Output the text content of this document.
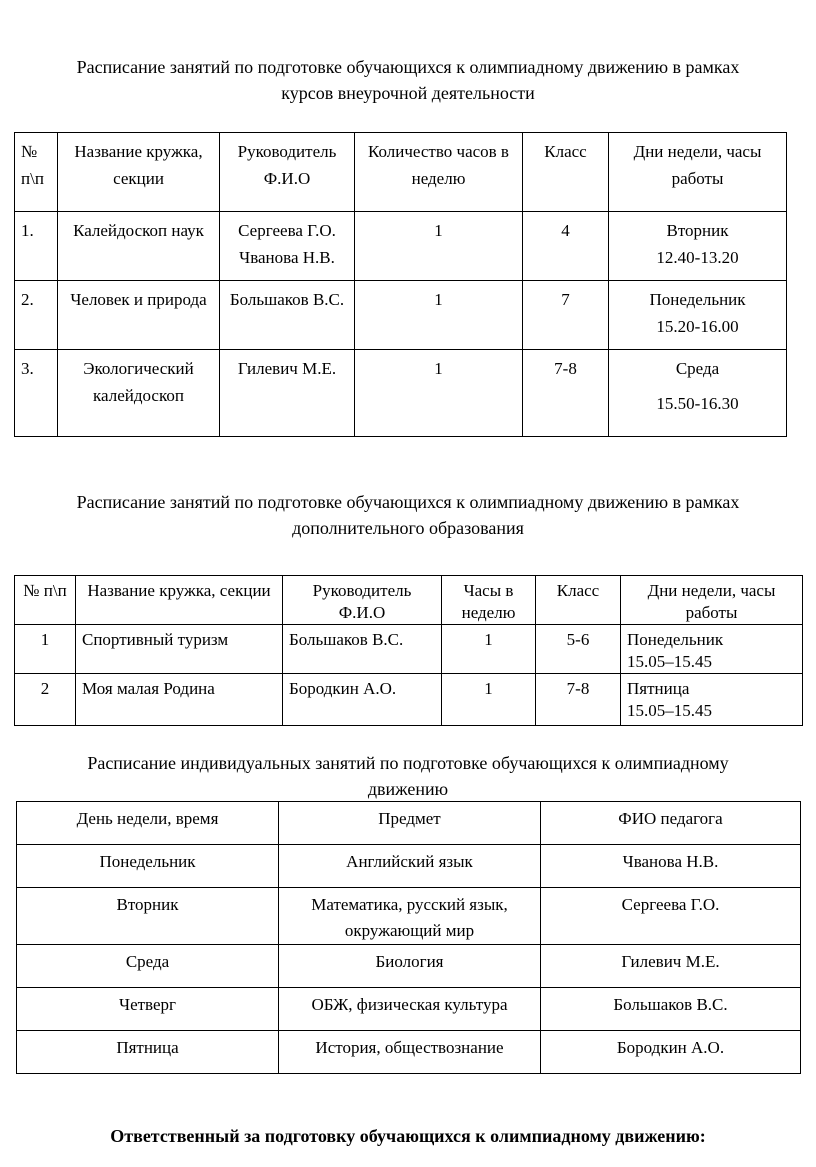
Расписание занятий по подготовке обучающихся к олимпиадному движению в рамках
курсов внеурочной деятельности

№ п\п	Название кружка, секции	Руководитель Ф.И.О	Количество часов в неделю	Класс	Дни недели, часы работы
1.	Калейдоскоп наук	Сергеева Г.О. Чванова Н.В.	1	4	Вторник
12.40-13.20
2.	Человек и природа	Большаков В.С.	1	7	Понедельник
15.20-16.00
3.	Экологический калейдоскоп	Гилевич М.Е.	1	7-8	Среда
15.50-16.30

Расписание занятий по подготовке обучающихся к олимпиадному движению в рамках
дополнительного образования

№ п\п	Название кружка, секции	Руководитель Ф.И.О	Часы в неделю	Класс	Дни недели, часы работы
1	Спортивный туризм	Большаков В.С.	1	5-6	Понедельник
15.05–15.45
2	Моя малая Родина	Бородкин А.О.	1	7-8	Пятница
15.05–15.45

Расписание индивидуальных занятий по подготовке обучающихся к олимпиадному
движению

День недели, время	Предмет	ФИО педагога
Понедельник	Английский язык	Чванова Н.В.
Вторник	Математика, русский язык, окружающий мир	Сергеева Г.О.
Среда	Биология	Гилевич М.Е.
Четверг	ОБЖ, физическая культура	Большаков В.С.
Пятница	История, обществознание	Бородкин А.О.

Ответственный за подготовку обучающихся к олимпиадному движению:
